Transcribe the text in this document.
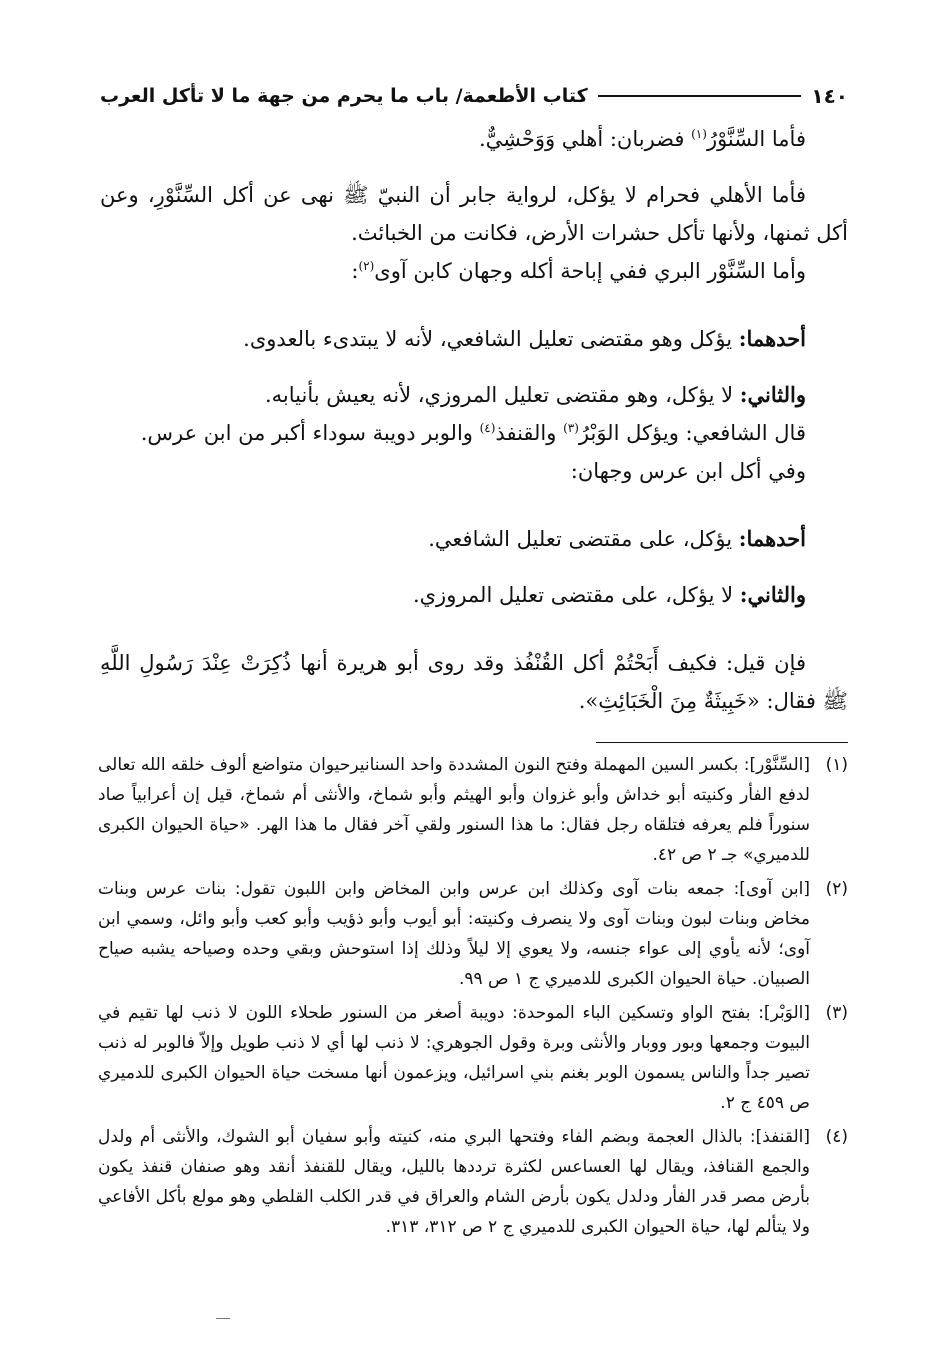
١٤٠
كتاب الأطعمة/ باب ما يحرم من جهة ما لا تأكل العرب

فأما السِّنَّوْرُ$^{(١)}$ فضربان: أهلي وَوَحْشِيٌّ.

فأما الأهلي فحرام لا يؤكل، لرواية جابر أن النبيّ ﷺ نهى عن أكل السِّنَّوْرِ، وعن أكل ثمنها، ولأنها تأكل حشرات الأرض، فكانت من الخبائث.

وأما السِّنَّوْر البري ففي إباحة أكله وجهان كابن آوى$^{(٢)}$:

أحدهما: يؤكل وهو مقتضى تعليل الشافعي، لأنه لا يبتدىء بالعدوى.

والثاني: لا يؤكل، وهو مقتضى تعليل المروزي، لأنه يعيش بأنيابه.

قال الشافعي: ويؤكل الوَبْرُ$^{(٣)}$ والقنفذ$^{(٤)}$ والوبر دويبة سوداء أكبر من ابن عرس.

وفي أكل ابن عرس وجهان:

أحدهما: يؤكل، على مقتضى تعليل الشافعي.

والثاني: لا يؤكل، على مقتضى تعليل المروزي.

فإن قيل: فكيف أَبَحْتُمْ أكل القُنْفُذ وقد روى أبو هريرة أنها ذُكِرَتْ عِنْدَ رَسُولِ اللَّهِ ﷺ فقال: «خَبِيثَةٌ مِنَ الْخَبَائِثِ».

(١)
[السِّنَّوْر]: بكسر السين المهملة وفتح النون المشددة واحد السنانيرحيوان متواضع ألوف خلقه الله تعالى لدفع الفأر وكنيته أبو خداش وأبو غزوان وأبو الهيثم وأبو شماخ، والأنثى أم شماخ، قيل إن أعرابياً صاد سنوراً فلم يعرفه فتلقاه رجل فقال: ما هذا السنور ولقي آخر فقال ما هذا الهر. «حياة الحيوان الكبرى للدميري» جـ ٢ ص ٤٢.
(٢)
[ابن آوى]: جمعه بنات آوى وكذلك ابن عرس وابن المخاض وابن اللبون تقول: بنات عرس وبنات مخاض وبنات لبون وبنات آوى ولا ينصرف وكنيته: أبو أيوب وأبو ذؤيب وأبو كعب وأبو وائل، وسمي ابن آوى؛ لأنه يأوي إلى عواء جنسه، ولا يعوي إلا ليلاً وذلك إذا استوحش وبقي وحده وصياحه يشبه صياح الصبيان. حياة الحيوان الكبرى للدميري ج ١ ص ٩٩.
(٣)
[الوَبْر]: بفتح الواو وتسكين الباء الموحدة: دويبة أصغر من السنور طحلاء اللون لا ذنب لها تقيم في البيوت وجمعها وبور ووبار والأنثى وبرة وقول الجوهري: لا ذنب لها أي لا ذنب طويل وإلاّ فالوبر له ذنب تصير جداً والناس يسمون الوبر بغنم بني اسرائيل، ويزعمون أنها مسخت حياة الحيوان الكبرى للدميري ص ٤٥٩ ج ٢.
(٤)
[القنفذ]: بالذال العجمة وبضم الفاء وفتحها البري منه، كنيته وأبو سفيان أبو الشوك، والأنثى أم ولدل والجمع القنافذ، ويقال لها العساعس لكثرة ترددها بالليل، ويقال للقنفذ أنقد وهو صنفان قنفذ يكون بأرض مصر قدر الفأر ودلدل يكون بأرض الشام والعراق في قدر الكلب القلطي وهو مولع بأكل الأفاعي ولا يتألم لها، حياة الحيوان الكبرى للدميري ج ٢ ص ٣١٢، ٣١٣.
